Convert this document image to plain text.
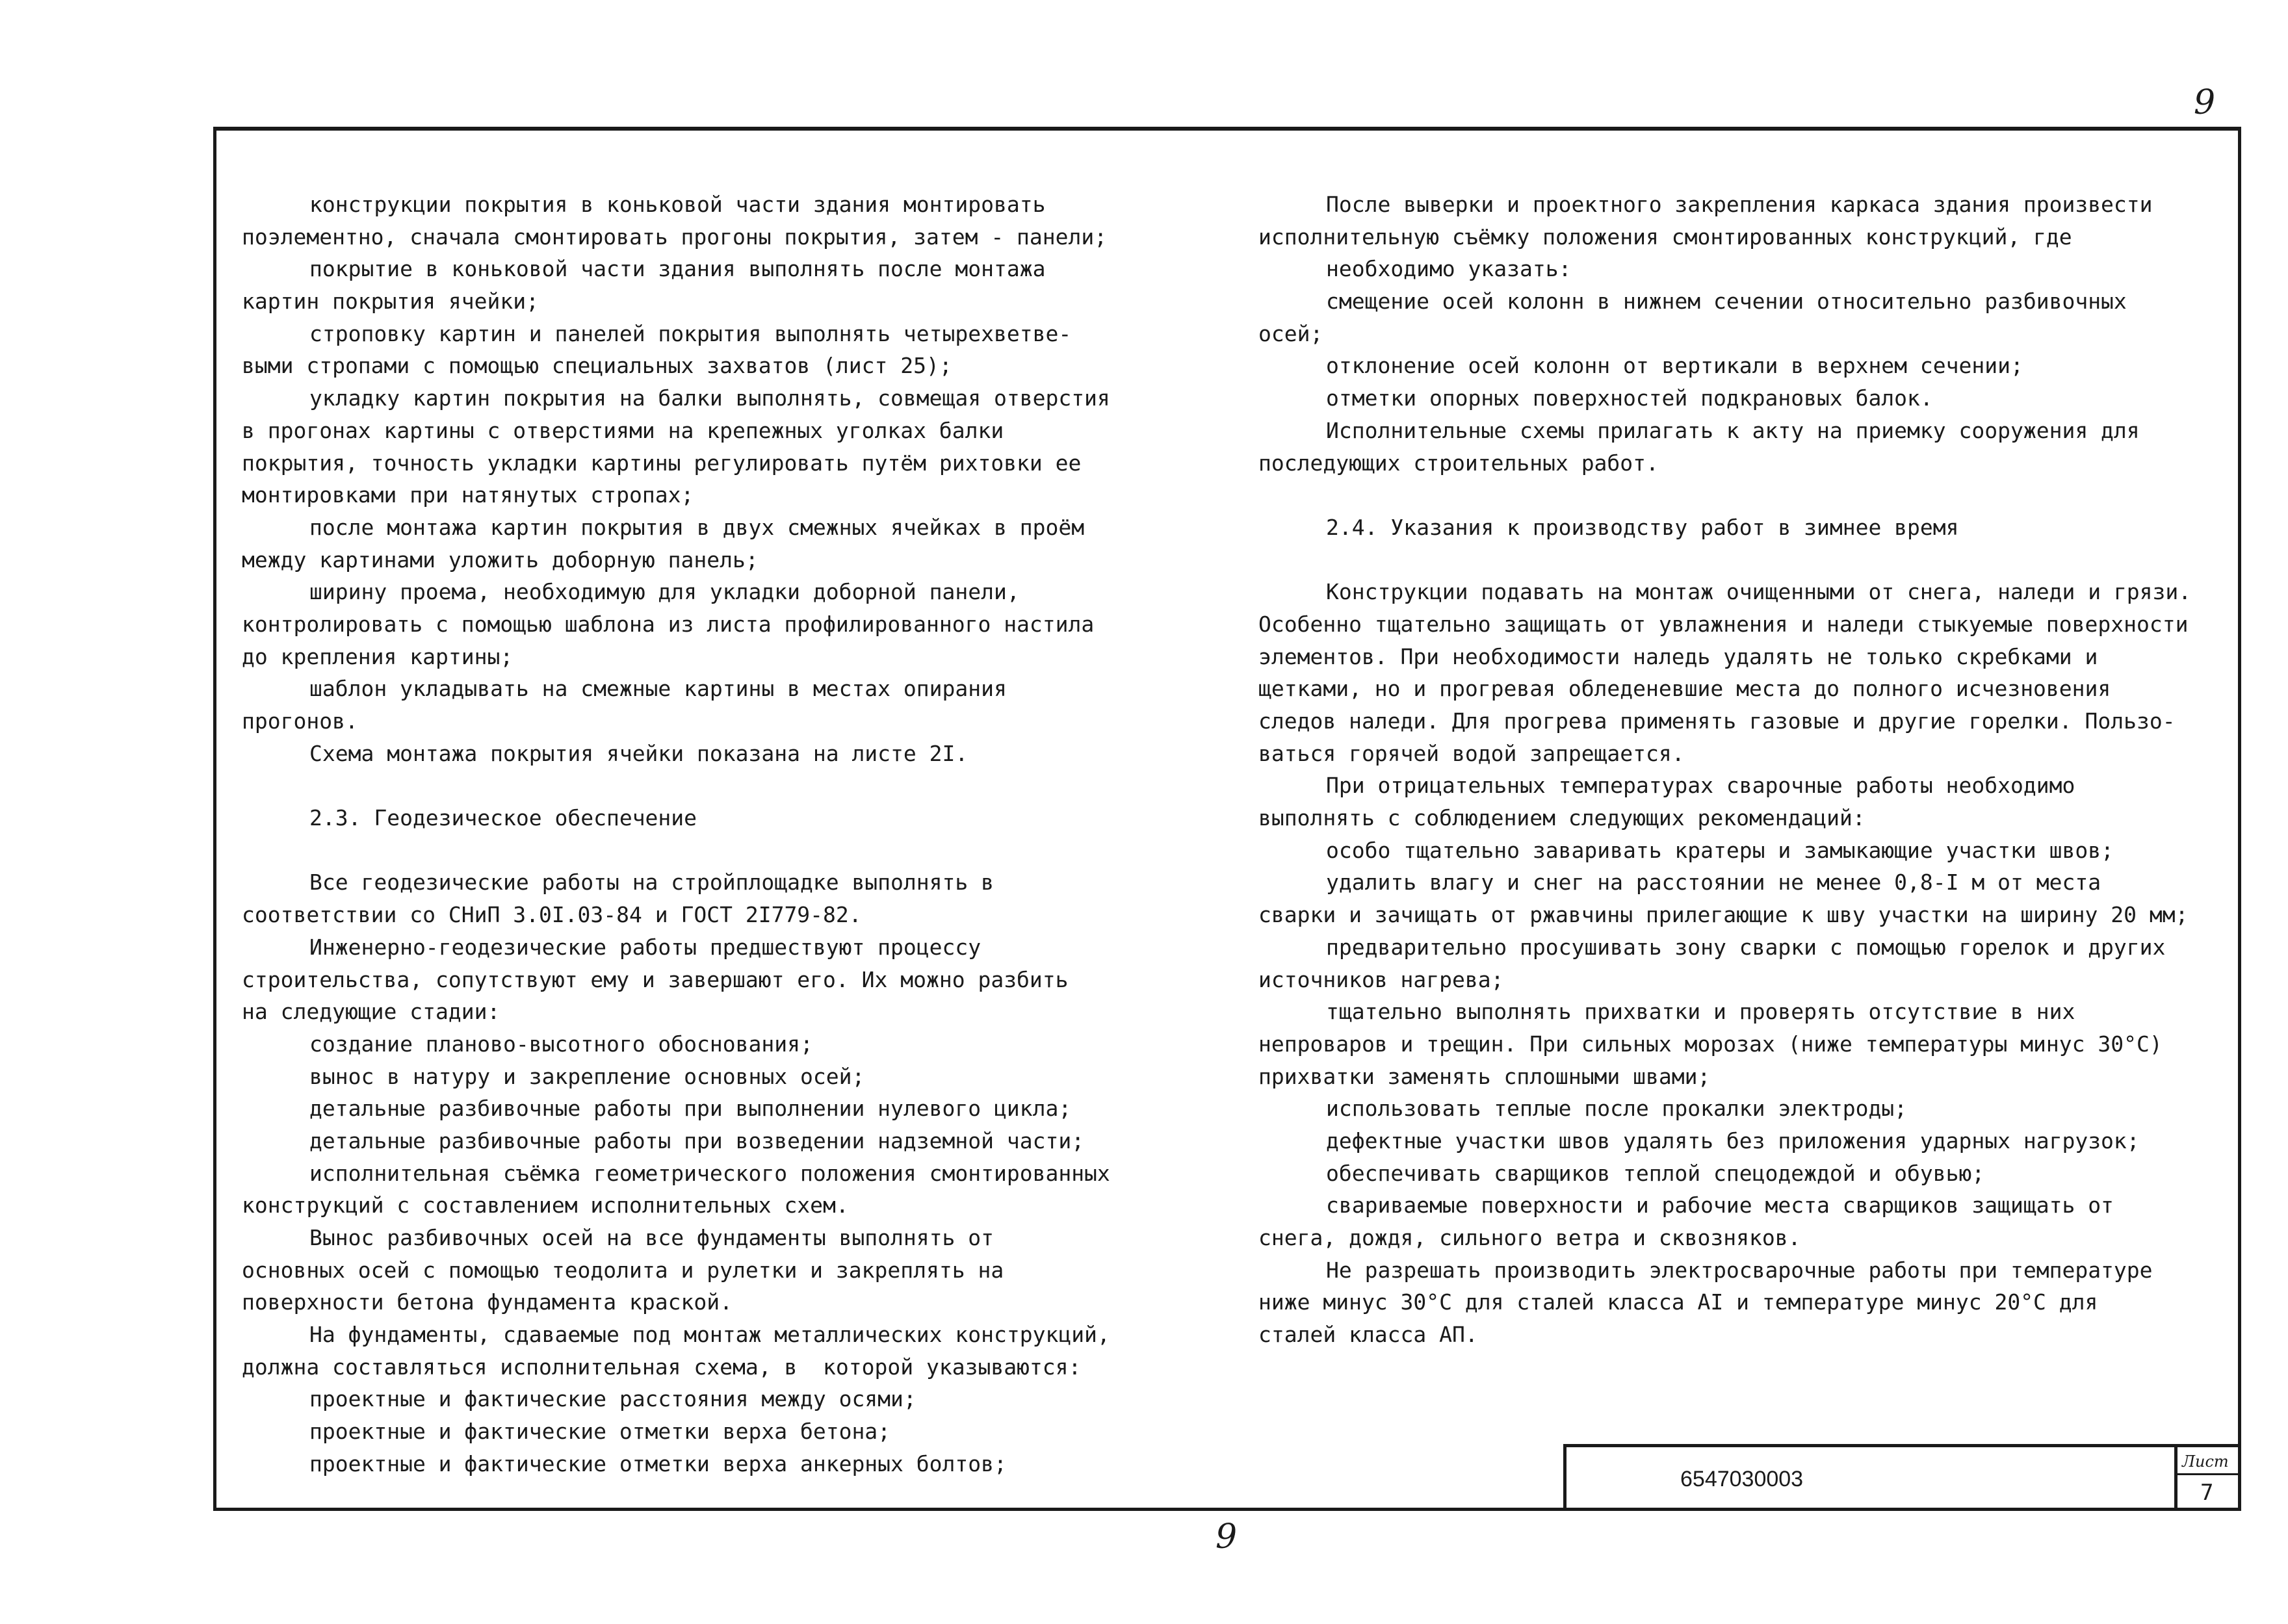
9
конструкции покрытия в коньковой части здания монтировать
поэлементно, сначала смонтировать прогоны покрытия, затем - панели;
покрытие в коньковой части здания выполнять после монтажа
картин покрытия ячейки;
строповку картин и панелей покрытия выполнять четырехветве-
выми стропами с помощью специальных захватов (лист 25);
укладку картин покрытия на балки выполнять, совмещая отверстия
в прогонах картины с отверстиями на крепежных уголках балки
покрытия, точность укладки картины регулировать путём рихтовки ее
монтировками при натянутых стропах;
после монтажа картин покрытия в двух смежных ячейках в проём
между картинами уложить доборную панель;
ширину проема, необходимую для укладки доборной панели,
контролировать с помощью шаблона из листа профилированного настила
до крепления картины;
шаблон укладывать на смежные картины в местах опирания
прогонов.
Схема монтажа покрытия ячейки показана на листе 2I.
2.3. Геодезическое обеспечение
Все геодезические работы на стройплощадке выполнять в
соответствии со СНиП 3.0I.03-84 и ГОСТ 2I779-82.
Инженерно-геодезические работы предшествуют процессу
строительства, сопутствуют ему и завершают его. Их можно разбить
на следующие стадии:
создание планово-высотного обоснования;
вынос в натуру и закрепление основных осей;
детальные разбивочные работы при выполнении нулевого цикла;
детальные разбивочные работы при возведении надземной части;
исполнительная съёмка геометрического положения смонтированных
конструкций с составлением исполнительных схем.
Вынос разбивочных осей на все фундаменты выполнять от
основных осей с помощью теодолита и рулетки и закреплять на
поверхности бетона фундамента краской.
На фундаменты, сдаваемые под монтаж металлических конструкций,
должна составляться исполнительная схема, в  которой указываются:
проектные и фактические расстояния между осями;
проектные и фактические отметки верха бетона;
проектные и фактические отметки верха анкерных болтов;
После выверки и проектного закрепления каркаса здания произвести
исполнительную съёмку положения смонтированных конструкций, где
необходимо указать:
смещение осей колонн в нижнем сечении относительно разбивочных
осей;
отклонение осей колонн от вертикали в верхнем сечении;
отметки опорных поверхностей подкрановых балок.
Исполнительные схемы прилагать к акту на приемку сооружения для
последующих строительных работ.
2.4. Указания к производству работ в зимнее время
Конструкции подавать на монтаж очищенными от снега, наледи и грязи.
Особенно тщательно защищать от увлажнения и наледи стыкуемые поверхности
элементов. При необходимости наледь удалять не только скребками и
щетками, но и прогревая обледеневшие места до полного исчезновения
следов наледи. Для прогрева применять газовые и другие горелки. Пользо-
ваться горячей водой запрещается.
При отрицательных температурах сварочные работы необходимо
выполнять с соблюдением следующих рекомендаций:
особо тщательно заваривать кратеры и замыкающие участки швов;
удалить влагу и снег на расстоянии не менее 0,8-I м от места
сварки и зачищать от ржавчины прилегающие к шву участки на ширину 20 мм;
предварительно просушивать зону сварки с помощью горелок и других
источников нагрева;
тщательно выполнять прихватки и проверять отсутствие в них
непроваров и трещин. При сильных морозах (ниже температуры минус 30°С)
прихватки заменять сплошными швами;
использовать теплые после прокалки электроды;
дефектные участки швов удалять без приложения ударных нагрузок;
обеспечивать сварщиков теплой спецодеждой и обувью;
свариваемые поверхности и рабочие места сварщиков защищать от
снега, дождя, сильного ветра и сквозняков.
Не разрешать производить электросварочные работы при температуре
ниже минус 30°С для сталей класса АI и температуре минус 20°С для
сталей класса АП.
6547030003
Лист
7
9
